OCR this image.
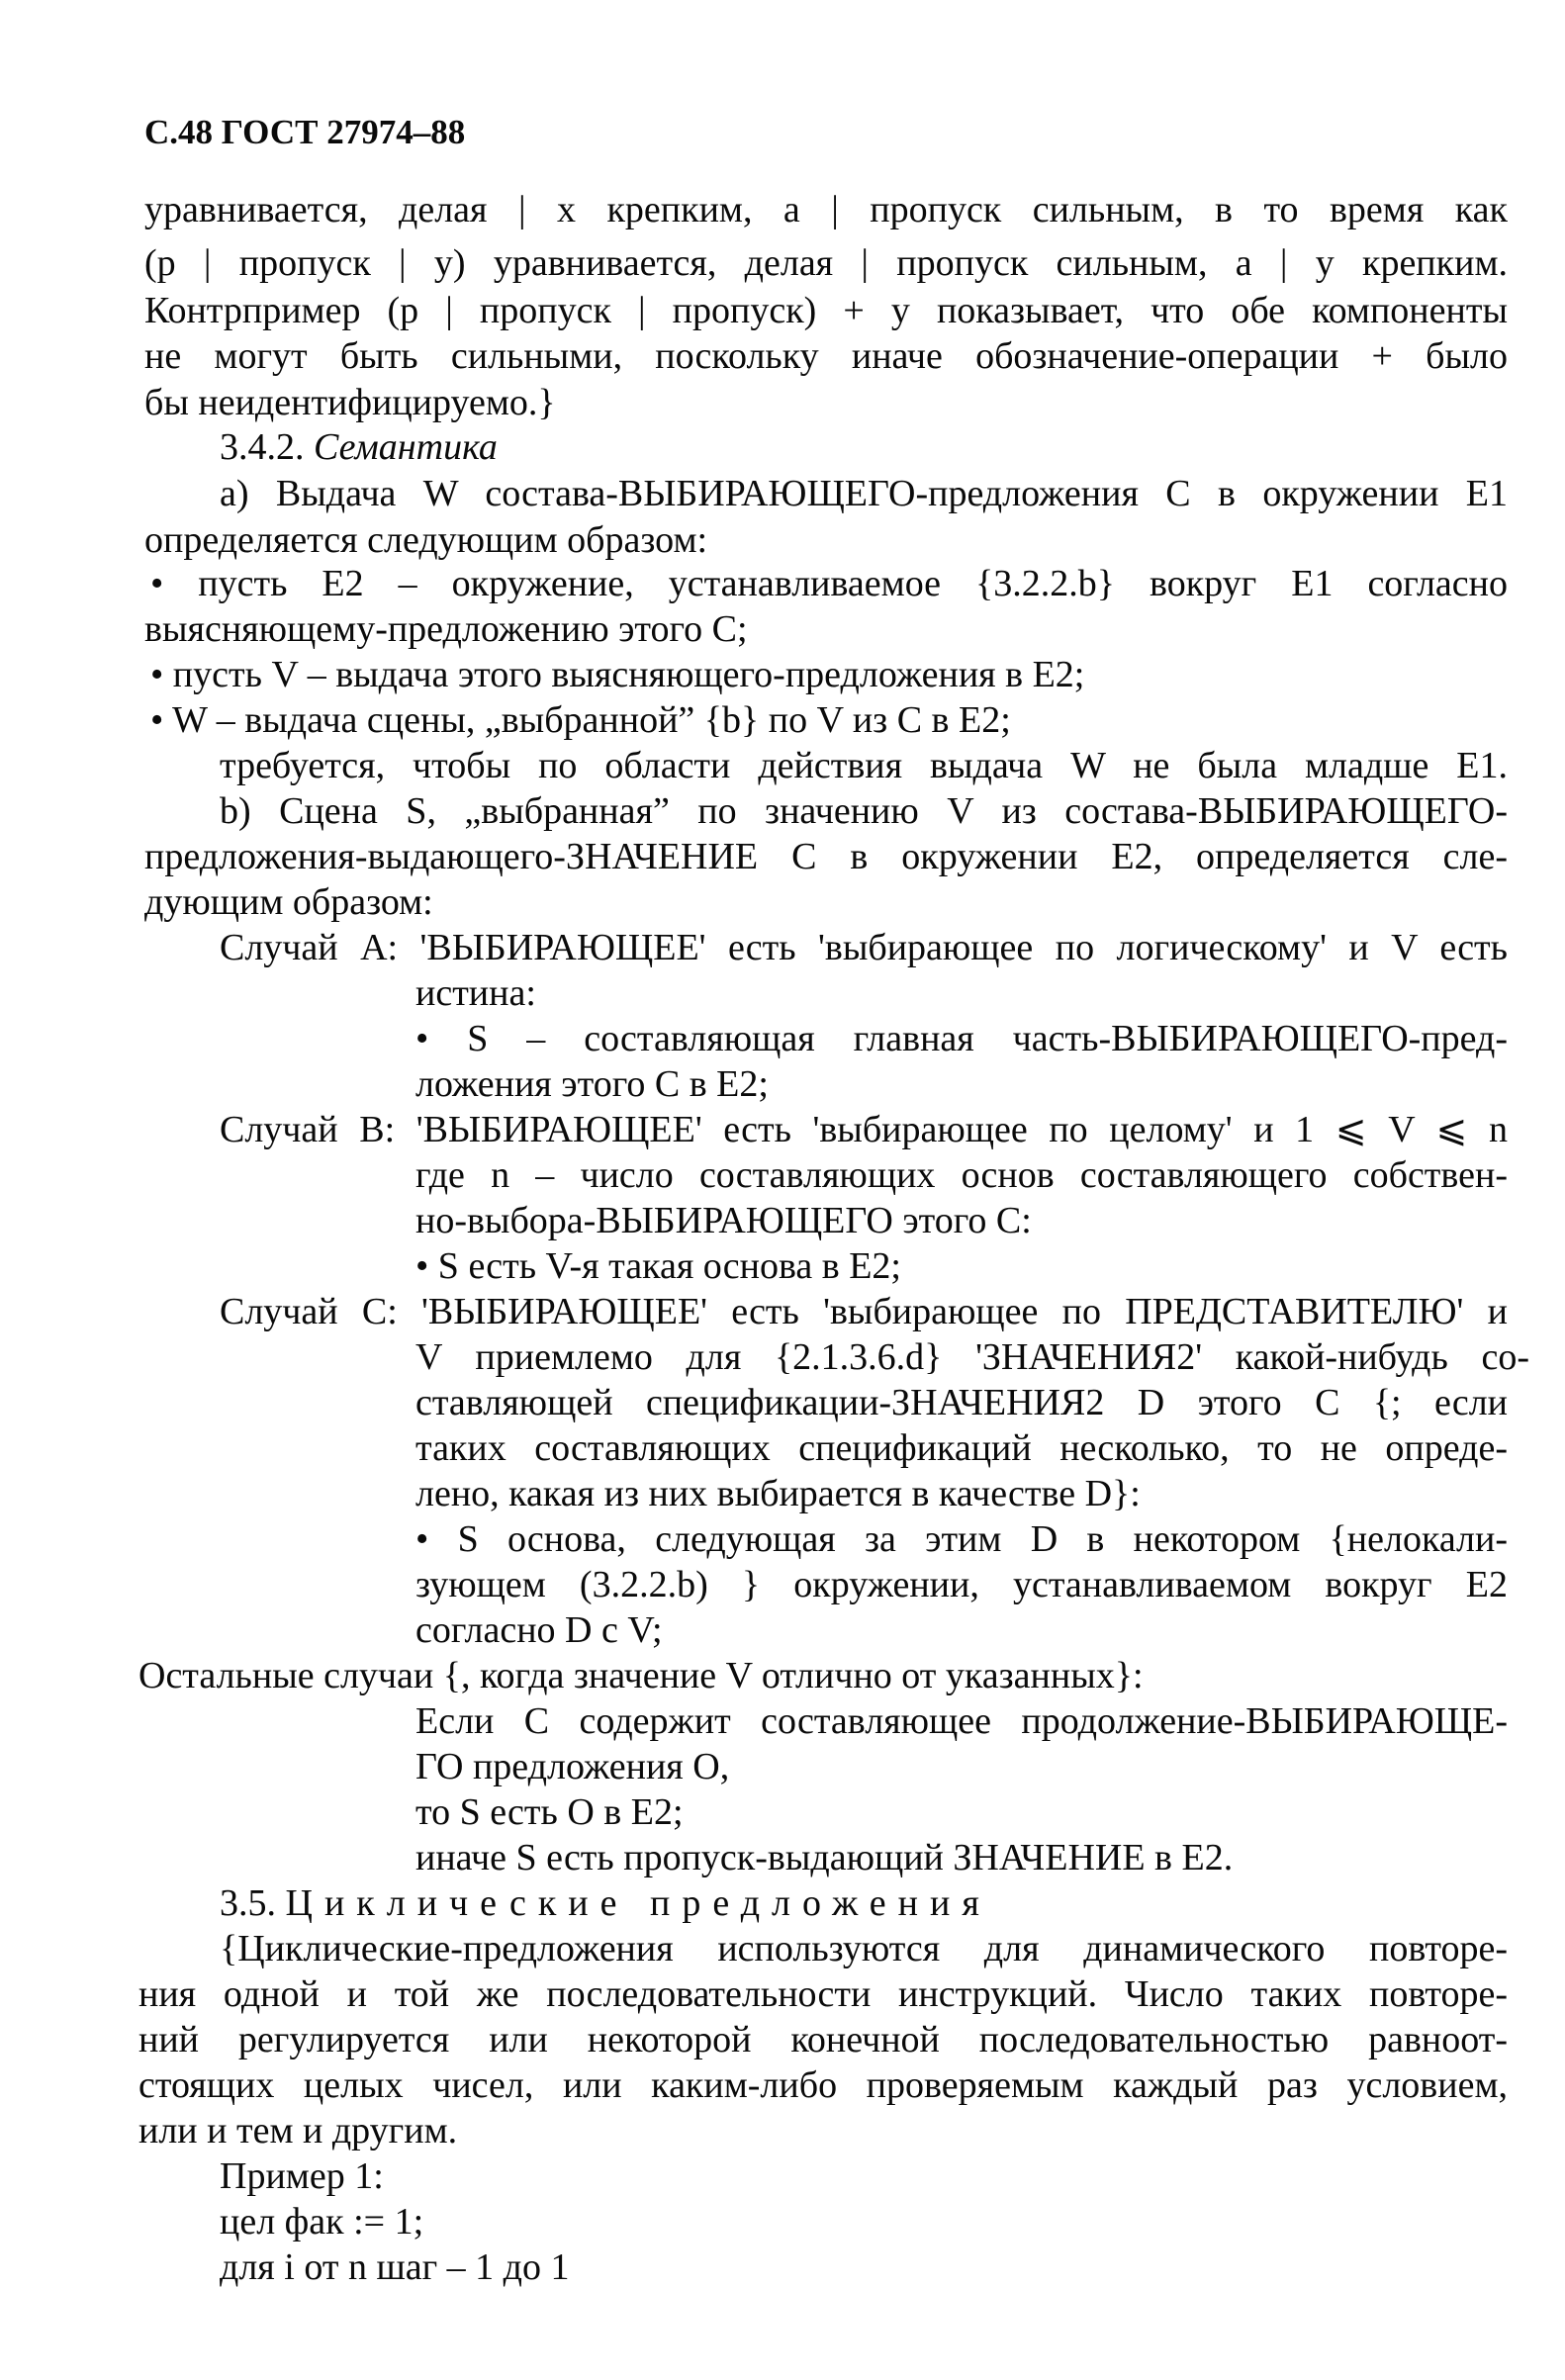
С.48 ГОСТ 27974–88
уравнивается, делая | х крепким, а | пропуск сильным, в то время как
(р | пропуск | у) уравнивается, делая | пропуск сильным, а | у крепким.
Контрпример (р | пропуск | пропуск) + у показывает, что обе компоненты
не могут быть сильными, поскольку иначе обозначение-операции + было
бы неидентифицируемо.}
3.4.2. Семантика
а) Выдача W состава-ВЫБИРАЮЩЕГО-предложения С в окружении Е1
определяется следующим образом:
• пусть Е2 – окружение, устанавливаемое {3.2.2.b} вокруг Е1 согласно
выясняющему-предложению этого С;
• пусть V – выдача этого выясняющего-предложения в Е2;
• W – выдача сцены, „выбранной” {b} по V из С в Е2;
требуется, чтобы по области действия выдача W не была младше Е1.
b) Сцена S, „выбранная” по значению V из состава-ВЫБИРАЮЩЕГО-
предложения-выдающего-ЗНАЧЕНИЕ С в окружении Е2, определяется сле-
дующим образом:
Случай А: 'ВЫБИРАЮЩЕЕ' есть 'выбирающее по логическому' и V есть
истина:
• S – составляющая главная часть-ВЫБИРАЮЩЕГО-пред-
ложения этого С в Е2;
Случай В: 'ВЫБИРАЮЩЕЕ' есть 'выбирающее по целому' и 1 ⩽ V ⩽ n
где n – число составляющих основ составляющего собствен-
но-выбора-ВЫБИРАЮЩЕГО этого С:
• S есть V-я такая основа в Е2;
Случай С: 'ВЫБИРАЮЩЕЕ' есть 'выбирающее по ПРЕДСТАВИТЕЛЮ' и
V приемлемо для {2.1.3.6.d} 'ЗНАЧЕНИЯ2' какой-нибудь со-
ставляющей спецификации-ЗНАЧЕНИЯ2 D этого С {; если
таких составляющих спецификаций несколько, то не опреде-
лено, какая из них выбирается в качестве D}:
• S основа, следующая за этим D в некотором {нелокали-
зующем (3.2.2.b) } окружении, устанавливаемом вокруг Е2
согласно D с V;
Остальные случаи {, когда значение V отлично от указанных}:
Если С содержит составляющее продолжение-ВЫБИРАЮЩЕ-
ГО предложения О,
то S есть О в Е2;
иначе S есть пропуск-выдающий ЗНАЧЕНИЕ в Е2.
3.5. Циклические предложения
{Циклические-предложения используются для динамического повторе-
ния одной и той же последовательности инструкций. Число таких повторе-
ний регулируется или некоторой конечной последовательностью равноот-
стоящих целых чисел, или каким-либо проверяемым каждый раз условием,
или и тем и другим.
Пример 1:
цел фак := 1;
для i от n шаг – 1 до 1
